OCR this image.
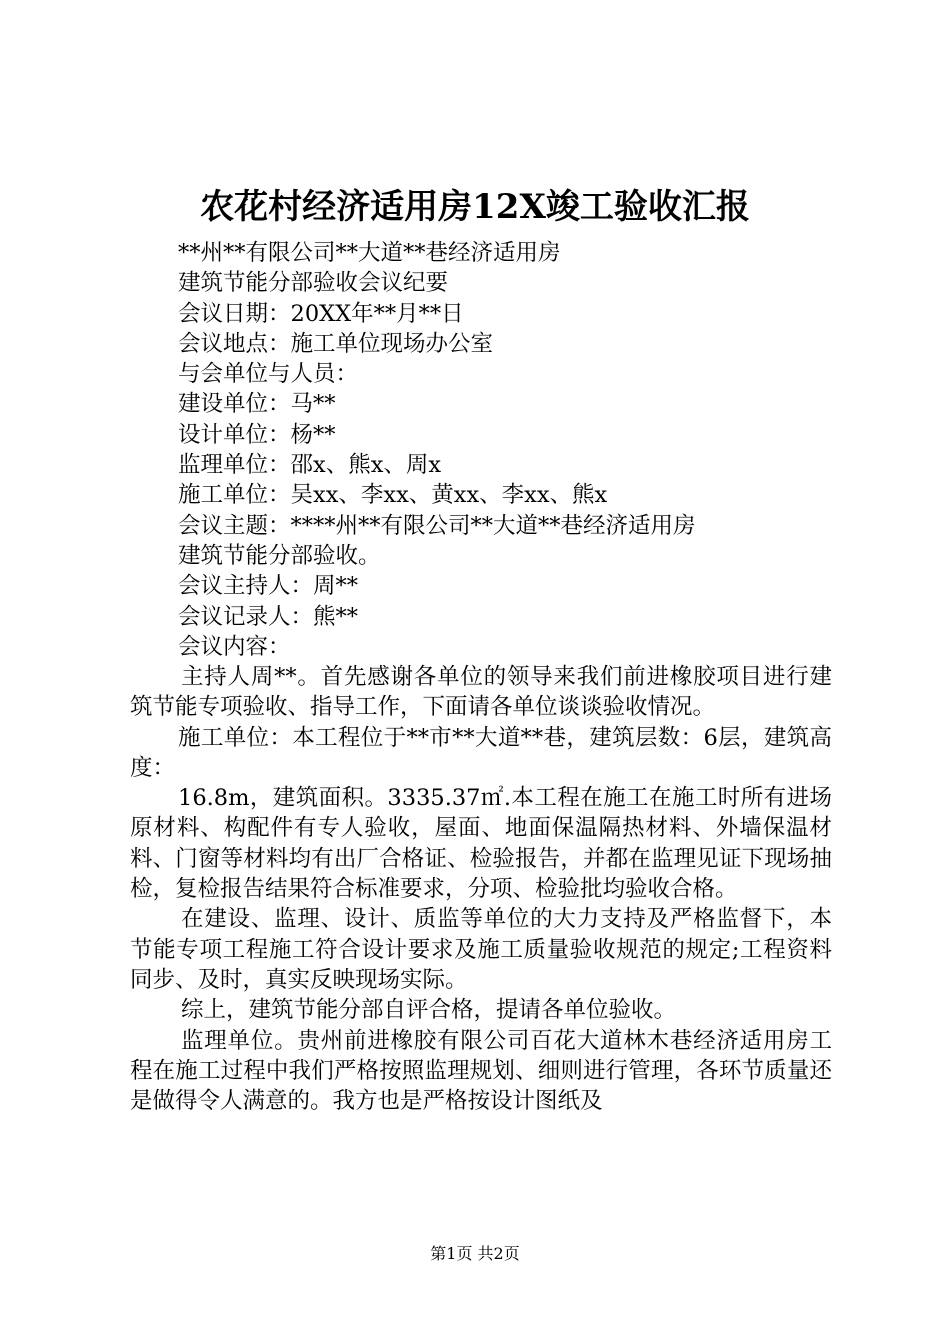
农花村经济适用房12X竣工验收汇报
**州**有限公司**大道**巷经济适用房
建筑节能分部验收会议纪要
会议日期：20XX年**月**日
会议地点：施工单位现场办公室
与会单位与人员：
建设单位：马**
设计单位：杨**
监理单位：邵x、熊x、周x
施工单位：吴xx、李xx、黄xx、李xx、熊x
会议主题：****州**有限公司**大道**巷经济适用房
建筑节能分部验收。
会议主持人：周**
会议记录人：熊**
会议内容：

主持人周**。首先感谢各单位的领导来我们前进橡胶项目进行建筑节能专项验收、指导工作，下面请各单位谈谈验收情况。

施工单位：本工程位于**市**大道**巷，建筑层数：6层，建筑高度：

16.8m，建筑面积。3335.37㎡.本工程在施工在施工时所有进场原材料、构配件有专人验收，屋面、地面保温隔热材料、外墙保温材料、门窗等材料均有出厂合格证、检验报告，并都在监理见证下现场抽检，复检报告结果符合标准要求，分项、检验批均验收合格。

在建设、监理、设计、质监等单位的大力支持及严格监督下，本节能专项工程施工符合设计要求及施工质量验收规范的规定;工程资料同步、及时，真实反映现场实际。

综上，建筑节能分部自评合格，提请各单位验收。

监理单位。贵州前进橡胶有限公司百花大道林木巷经济适用房工程在施工过程中我们严格按照监理规划、细则进行管理，各环节质量还是做得令人满意的。我方也是严格按设计图纸及

第1页 共2页
